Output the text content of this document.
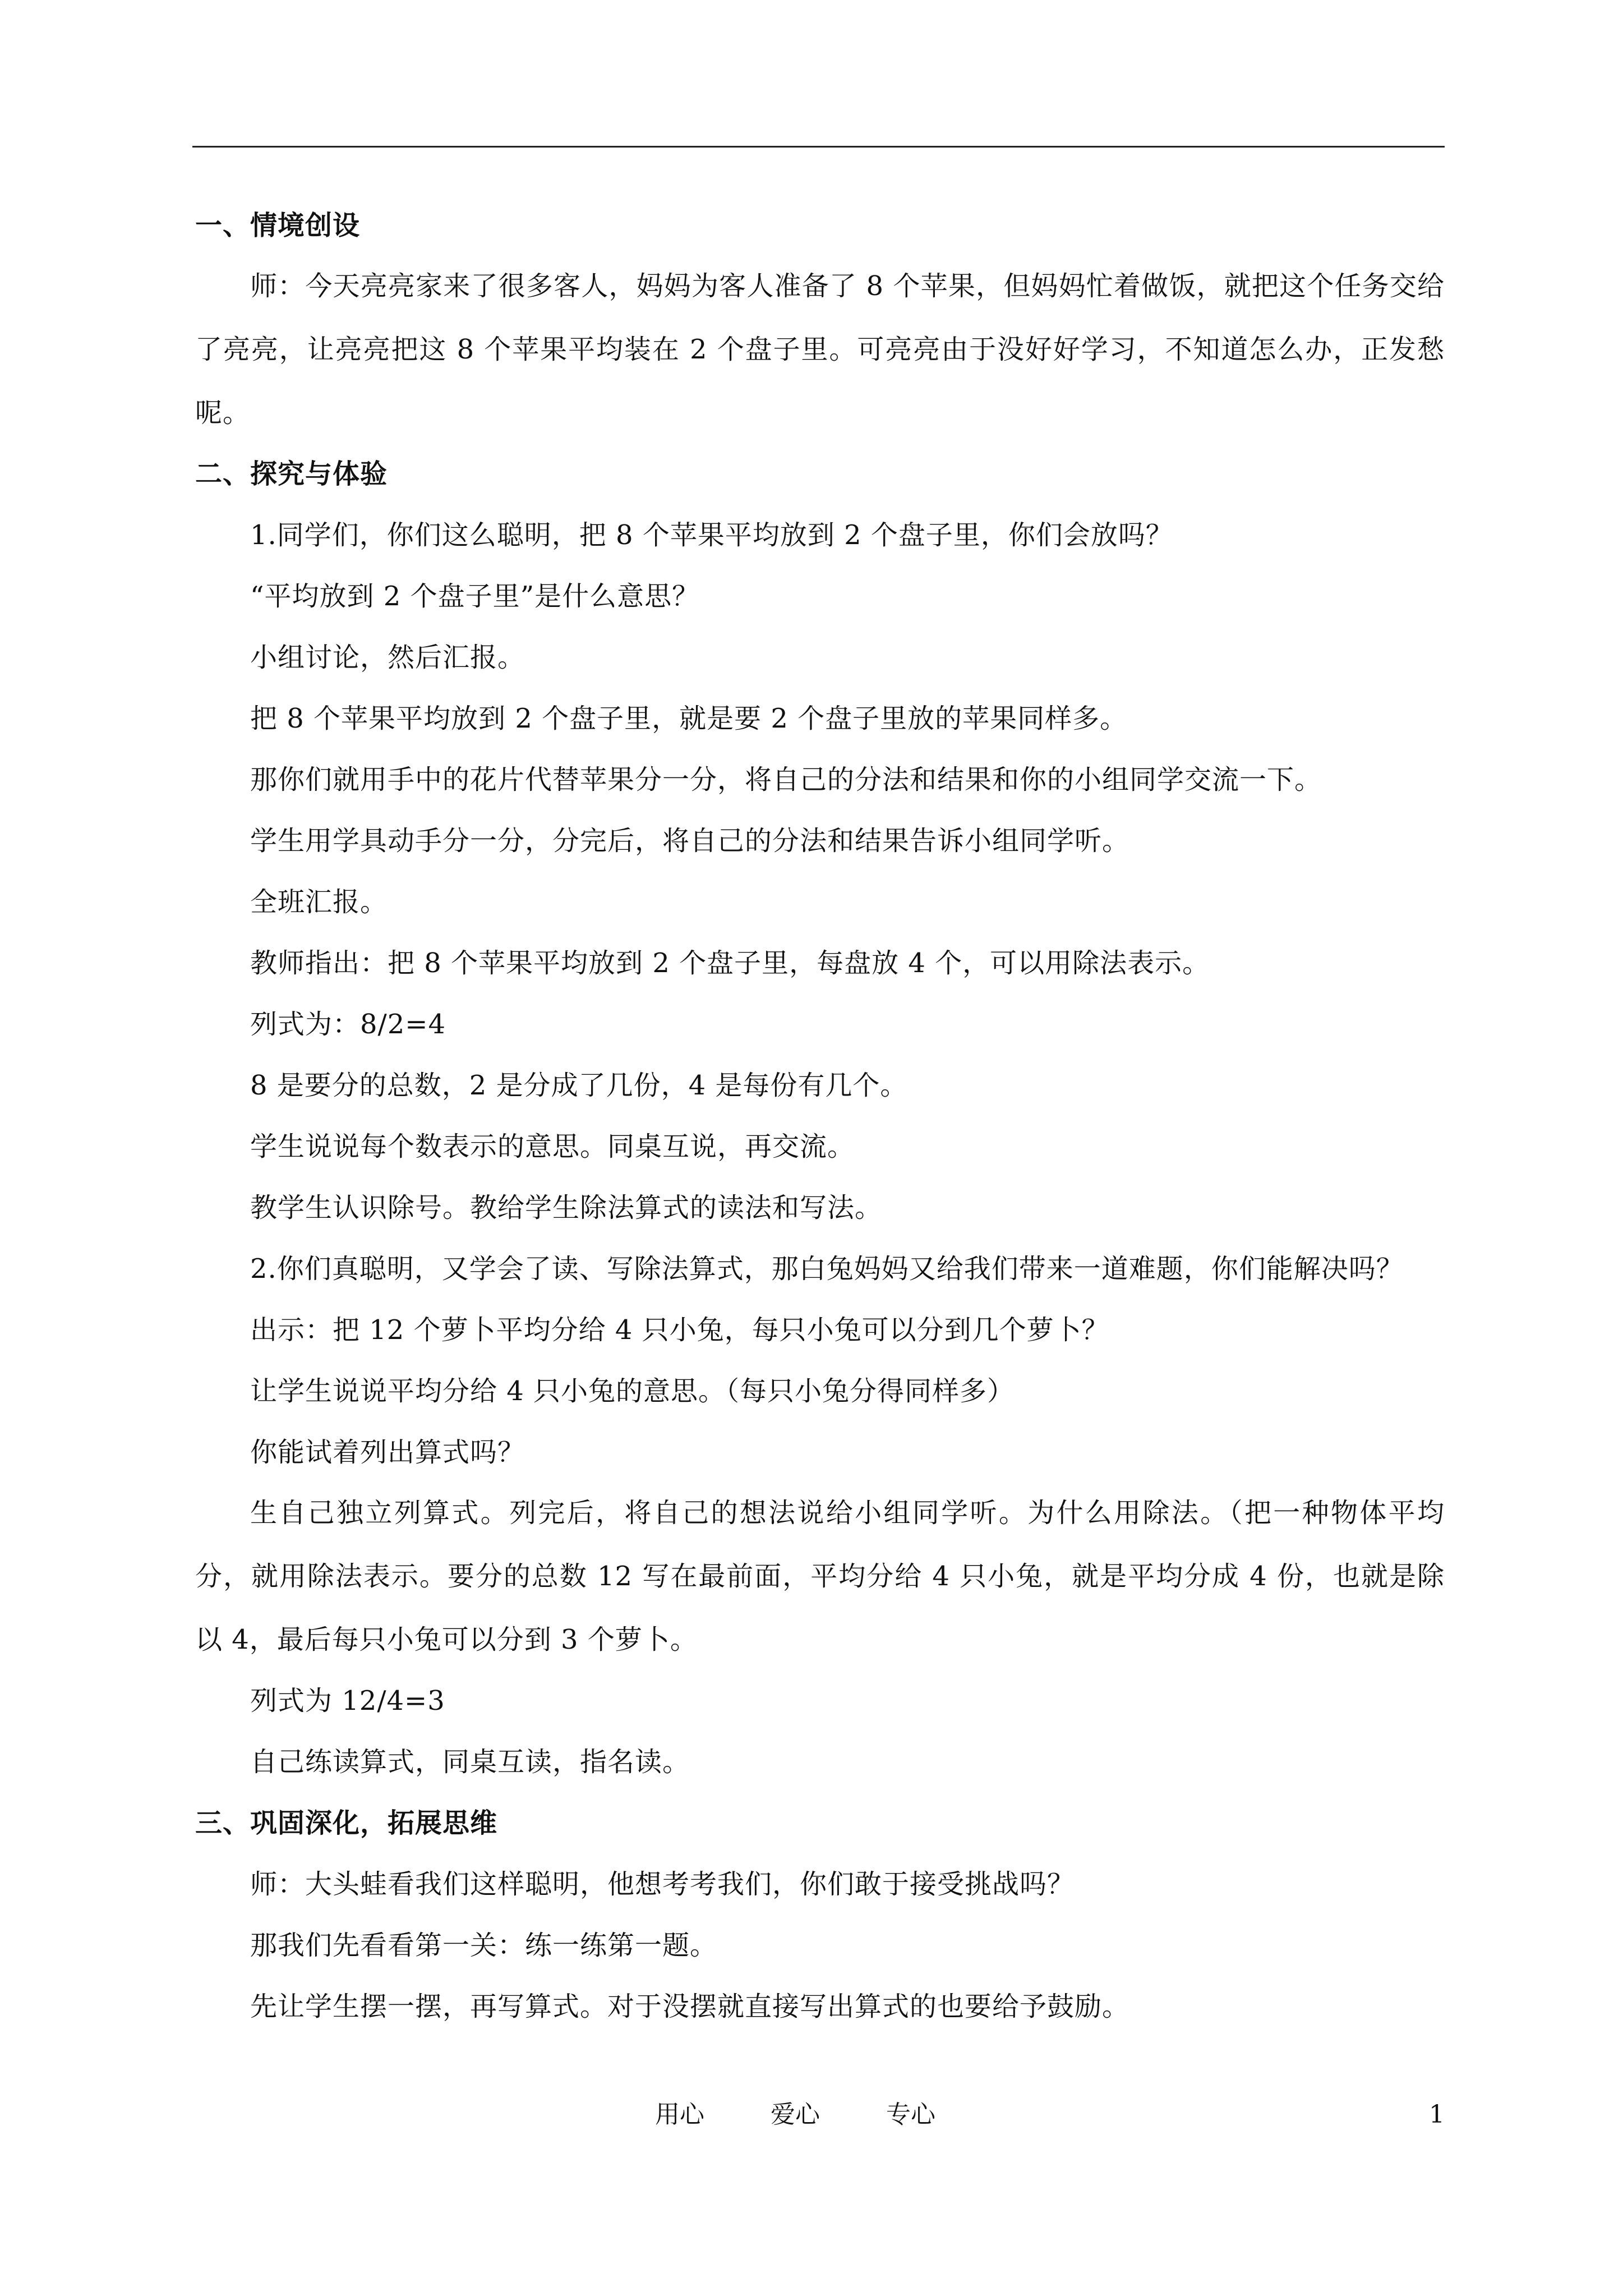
一、情境创设
师：今天亮亮家来了很多客人，妈妈为客人准备了 8 个苹果，但妈妈忙着做饭，就把这个任务交给了亮亮，让亮亮把这 8 个苹果平均装在 2 个盘子里。可亮亮由于没好好学习，不知道怎么办，正发愁呢。
二、探究与体验
1.同学们，你们这么聪明，把 8 个苹果平均放到 2 个盘子里，你们会放吗？
“平均放到 2 个盘子里”是什么意思？
小组讨论，然后汇报。
把 8 个苹果平均放到 2 个盘子里，就是要 2 个盘子里放的苹果同样多。
那你们就用手中的花片代替苹果分一分，将自己的分法和结果和你的小组同学交流一下。
学生用学具动手分一分，分完后，将自己的分法和结果告诉小组同学听。
全班汇报。
教师指出：把 8 个苹果平均放到 2 个盘子里，每盘放 4 个，可以用除法表示。
列式为：8/2=4
8 是要分的总数，2 是分成了几份，4 是每份有几个。
学生说说每个数表示的意思。同桌互说，再交流。
教学生认识除号。教给学生除法算式的读法和写法。
2.你们真聪明，又学会了读、写除法算式，那白兔妈妈又给我们带来一道难题，你们能解决吗？
出示：把 12 个萝卜平均分给 4 只小兔，每只小兔可以分到几个萝卜？
让学生说说平均分给 4 只小兔的意思。（每只小兔分得同样多）
你能试着列出算式吗？
生自己独立列算式。列完后，将自己的想法说给小组同学听。为什么用除法。（把一种物体平均分，就用除法表示。要分的总数 12 写在最前面，平均分给 4 只小兔，就是平均分成 4 份，也就是除以 4，最后每只小兔可以分到 3 个萝卜。
列式为 12/4=3
自己练读算式，同桌互读，指名读。
三、巩固深化，拓展思维
师：大头蛙看我们这样聪明，他想考考我们，你们敢于接受挑战吗？
那我们先看看第一关：练一练第一题。
先让学生摆一摆，再写算式。对于没摆就直接写出算式的也要给予鼓励。
用心	爱心	专心	1
